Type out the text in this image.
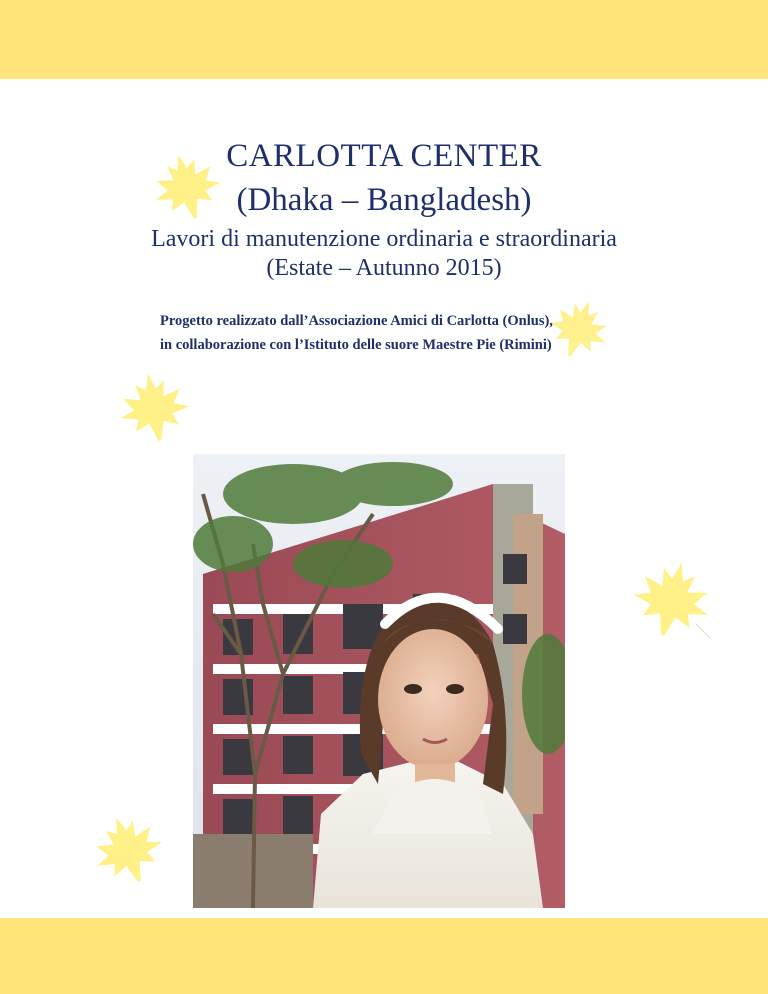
CARLOTTA CENTER
(Dhaka – Bangladesh)
Lavori di manutenzione ordinaria e straordinaria
(Estate – Autunno 2015)
Progetto realizzato dall’Associazione Amici di Carlotta (Onlus),
in collaborazione con l’Istituto delle suore Maestre Pie (Rimini)
